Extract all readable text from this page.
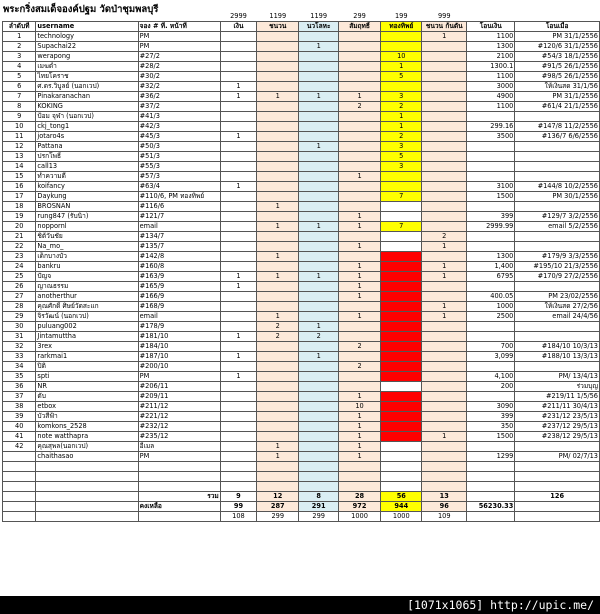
พระกริ่งสมเด็จองค์ปฐม วัดป่าชุมพลบุรี
			2999	1199	1199	299	199	999		
ลำดับที่	username	จอง # ที่. หน้าที่	เงิน	ชนวน	นวโลหะ	สัมฤทธิ์	ทองทิพย์	ชนวน ก้นตัน	โอนเงิน	โอนเมื่อ
1	technology	PM						1	1100	PM 31/1/2556
2	Supachai22	PM			1				1300	#120/6 31/1/2556
3	werapong	#27/2					10		2100	#54/3 18/1/2556
4	เมฆดำ	#28/2					1		1300.1	#91/5 26/1/2556
5	ไทยโคราช	#30/2					5		1100	#98/5 26/1/2556
6	ศ.ดร.วิบูลย์ (นอกเวป)	#32/2	1						3000	ให้เงินสด 31/1/56
7	Pinakaranachan	#36/2	1	1	1	1	3		4900	PM 31/1/2556
8	KOKING	#37/2				2	2		1100	#61/4 21/1/2556
9	ป้อม จุฬา (นอกเวป)	#41/3					1			
10	ckj_tong1	#42/3					1		299.16	#147/8 11/2/2556
11	jotaro4s	#45/3	1				2		3500	#136/7 6/6/2556
12	Pattana	#50/3			1		3			
13	ปรกโพธิ์	#51/3					5			
14	call13	#55/3					3			
15	ทำความดี	#57/3				1				
16	koifancy	#63/4	1						3100	#144/8 10/2/2556
17	Daykung	#110/6, PM ทองทิพย์					7		1500	PM 30/1/2556
18	BROSNAN	#116/6		1						
19	rung847 (รับนิ่า)	#121/7				1			399	#129/7 3/2/2556
20	noppornl	email		1	1	1	7		2999.99	email 5/2/2556
21	ชิต้วันชัย	#134/7						2		
22	Na_mo_	#135/7				1		1		
23	เด็กบางบัว	#142/8		1					1300	#179/9 3/3/2556
24	bankru	#160/8				1		1	1,400	#195/10 21/3/2556
25	ปัญจ	#163/9	1	1	1	1		1	6795	#170/9 27/2/2556
26	ญาณธรรม	#165/9	1			1				
27	anotherthur	#166/9				1			400.05	PM 23/02/2556
28	คุณศักดิ์ ศิษย์วัดสะแก	#168/9						1	1000	ให้เงินสด 27/2/56
29	จิรวัฒน์ (นอกเวป)	email		1		1		1	2500	email 24/4/56
30	puluang002	#178/9		2	1					
31	Jintamuttha	#181/10	1	2	2					
32	3rex	#184/10				2			700	#184/10 10/3/13
33	rarkmai1	#187/10	1		1				3,099	#188/10 13/3/13
34	ปิติ	#200/10				2				
35	spti	PM	1						4,100	PM/ 13/4/13
36	NR	#206/11							200	ร่วมบุญ
37	ตับ	#209/11				1				#219/11 1/5/56
38	etbox	#211/12				10			3090	#211/11 30/4/13
39	บัวสีฟ้า	#221/12				1			399	#231/12 23/5/13
40	komkons_2528	#232/12				1			350	#237/12 29/5/13
41	note watthapra	#235/12				1		1	1500	#238/12 29/5/13
42	คุณสุพล(นอกเวป)	อีเมล		1		1				
	chaithasao	PM		1		1			1299	PM/ 02/7/13

		รวม	9	12	8	28	56	13		126
		คงเหลือ	99	287	291	972	944	96	56230.33	
			108	299	299	1000	1000	109		
[1071x1065] http://upic.me/
